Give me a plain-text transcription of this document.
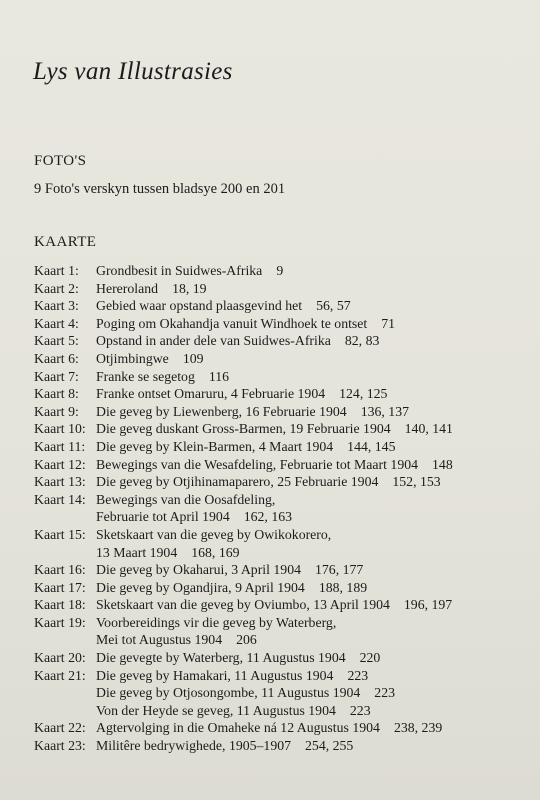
Lys van Illustrasies
FOTO'S

9 Foto's verskyn tussen bladsye 200 en 201

KAARTE
Kaart 1:	Grondbesit in Suidwes-Afrika 9
Kaart 2:	Hereroland 18, 19
Kaart 3:	Gebied waar opstand plaasgevind het 56, 57
Kaart 4:	Poging om Okahandja vanuit Windhoek te ontset 71
Kaart 5:	Opstand in ander dele van Suidwes-Afrika 82, 83
Kaart 6:	Otjimbingwe 109
Kaart 7:	Franke se segetog 116
Kaart 8:	Franke ontset Omaruru, 4 Februarie 1904 124, 125
Kaart 9:	Die geveg by Liewenberg, 16 Februarie 1904 136, 137
Kaart 10: Die geveg duskant Gross-Barmen, 19 Februarie 1904 140, 141
Kaart 11: Die geveg by Klein-Barmen, 4 Maart 1904 144, 145
Kaart 12: Bewegings van die Wesafdeling, Februarie tot Maart 1904 148
Kaart 13: Die geveg by Otjihinamaparero, 25 Februarie 1904 152, 153
Kaart 14: Bewegings van die Oosafdeling,
Februarie tot April 1904 162, 163
Kaart 15: Sketskaart van die geveg by Owikokorero,
13 Maart 1904 168, 169
Kaart 16: Die geveg by Okaharui, 3 April 1904 176, 177
Kaart 17: Die geveg by Ogandjira, 9 April 1904 188, 189
Kaart 18: Sketskaart van die geveg by Oviumbo, 13 April 1904 196, 197
Kaart 19: Voorbereidings vir die geveg by Waterberg,
Mei tot Augustus 1904 206
Kaart 20: Die gevegte by Waterberg, 11 Augustus 1904 220
Kaart 21: Die geveg by Hamakari, 11 Augustus 1904 223
Die geveg by Otjosongombe, 11 Augustus 1904 223
Von der Heyde se geveg, 11 Augustus 1904 223
Kaart 22: Agtervolging in die Omaheke ná 12 Augustus 1904 238, 239
Kaart 23: Militêre bedrywighede, 1905–1907 254, 255
